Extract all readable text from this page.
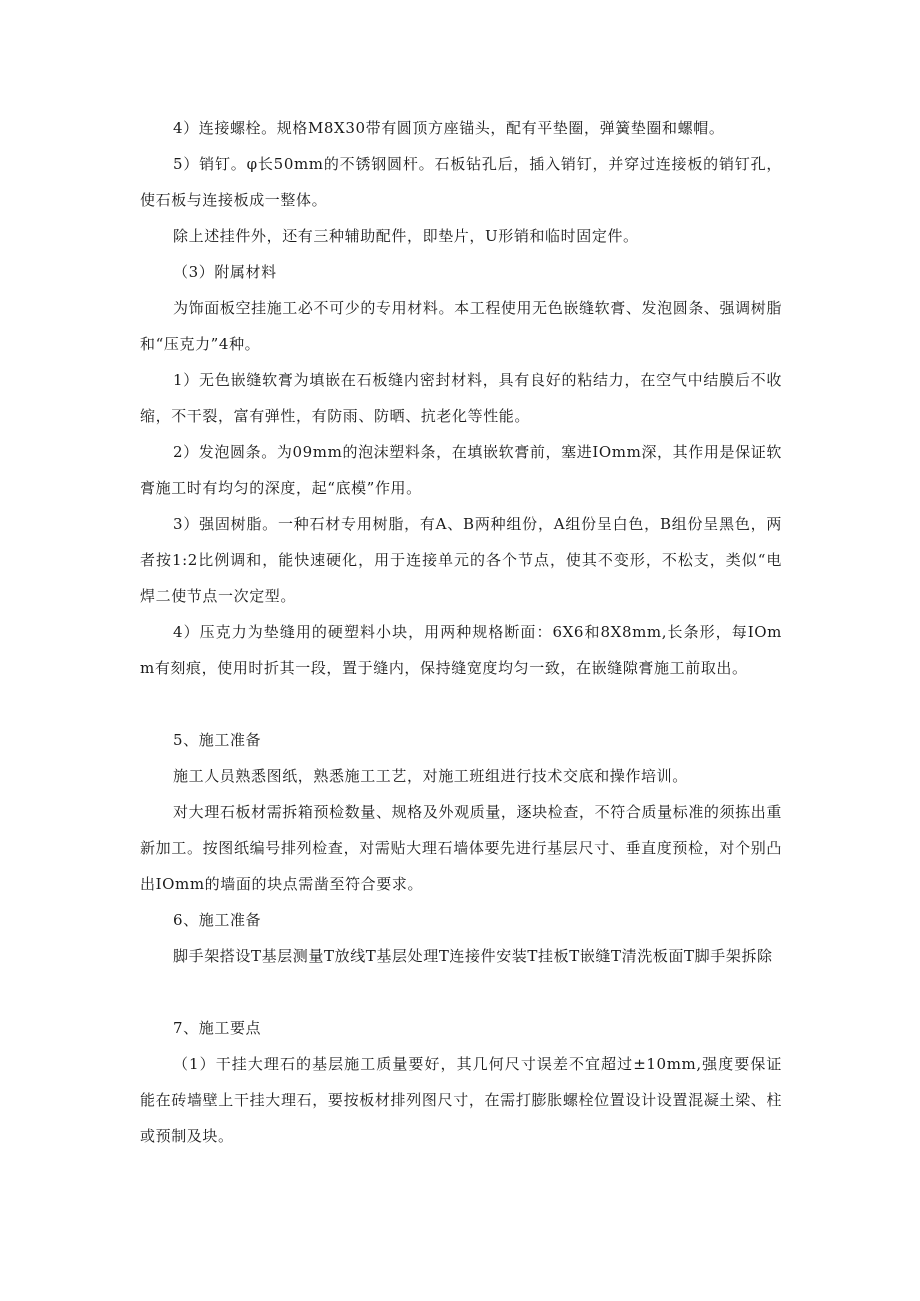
4）连接螺栓。规格M8X30带有圆顶方座锚头，配有平垫圈，弹簧垫圈和螺帽。

5）销钉。φ长50mm的不锈钢圆杆。石板钻孔后，插入销钉，并穿过连接板的销钉孔，使石板与连接板成一整体。

除上述挂件外，还有三种辅助配件，即垫片，U形销和临时固定件。

（3）附属材料

为饰面板空挂施工必不可少的专用材料。本工程使用无色嵌缝软膏、发泡圆条、强调树脂和“压克力”4种。

1）无色嵌缝软膏为填嵌在石板缝内密封材料，具有良好的粘结力，在空气中结膜后不收缩，不干裂，富有弹性，有防雨、防晒、抗老化等性能。

2）发泡圆条。为09mm的泡沫塑料条，在填嵌软膏前，塞进IOmm深，其作用是保证软膏施工时有均匀的深度，起“底模”作用。

3）强固树脂。一种石材专用树脂，有A、B两种组份，A组份呈白色，B组份呈黑色，两者按1:2比例调和，能快速硬化，用于连接单元的各个节点，使其不变形，不松支，类似“电焊二使节点一次定型。

4）压克力为垫缝用的硬塑料小块，用两种规格断面：6X6和8X8mm,长条形，每IOmm有刻痕，使用时折其一段，置于缝内，保持缝宽度均匀一致，在嵌缝隙膏施工前取出。

5、施工准备

施工人员熟悉图纸，熟悉施工工艺，对施工班组进行技术交底和操作培训。

对大理石板材需拆箱预检数量、规格及外观质量，逐块检查，不符合质量标准的须拣出重新加工。按图纸编号排列检查，对需贴大理石墙体要先进行基层尺寸、垂直度预检，对个别凸出IOmm的墙面的块点需凿至符合要求。

6、施工准备

脚手架搭设T基层测量T放线T基层处理T连接件安装T挂板T嵌缝T清洗板面T脚手架拆除

7、施工要点

（1）干挂大理石的基层施工质量要好，其几何尺寸误差不宜超过±10mm,强度要保证能在砖墙壁上干挂大理石，要按板材排列图尺寸，在需打膨胀螺栓位置设计设置混凝土梁、柱或预制及块。
